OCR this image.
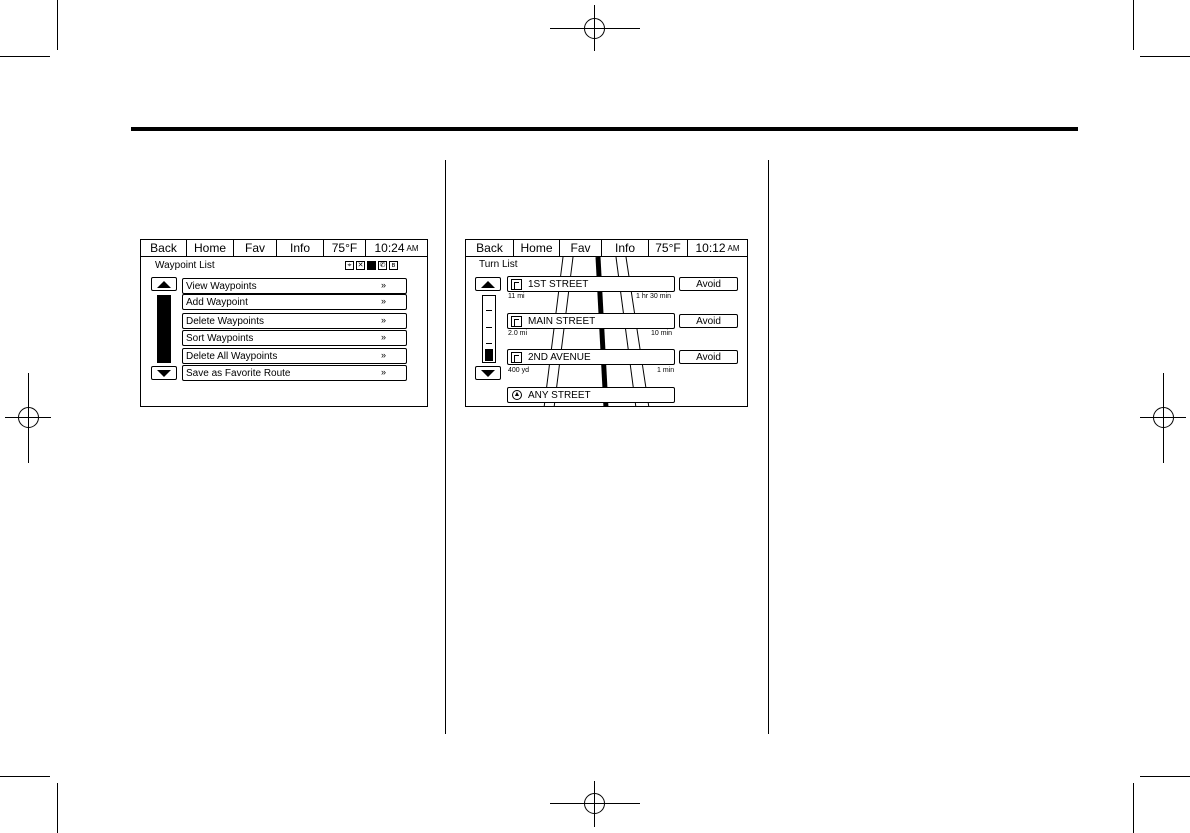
Back	Home	Fav	Info	75°F	10:24 AM
Waypoint List	⌖ ✕ ✆ ʙ
View Waypoints	»
Add Waypoint	»
Delete Waypoints	»
Sort Waypoints	»
Delete All Waypoints	»
Save as Favorite Route	»
Back	Home	Fav	Info	75°F	10:12 AM
Turn List
1ST STREET	Avoid
11 mi	1 hr 30 min
MAIN STREET	Avoid
2.0 mi	10 min
2ND AVENUE	Avoid
400 yd	1 min
▲ ANY STREET
